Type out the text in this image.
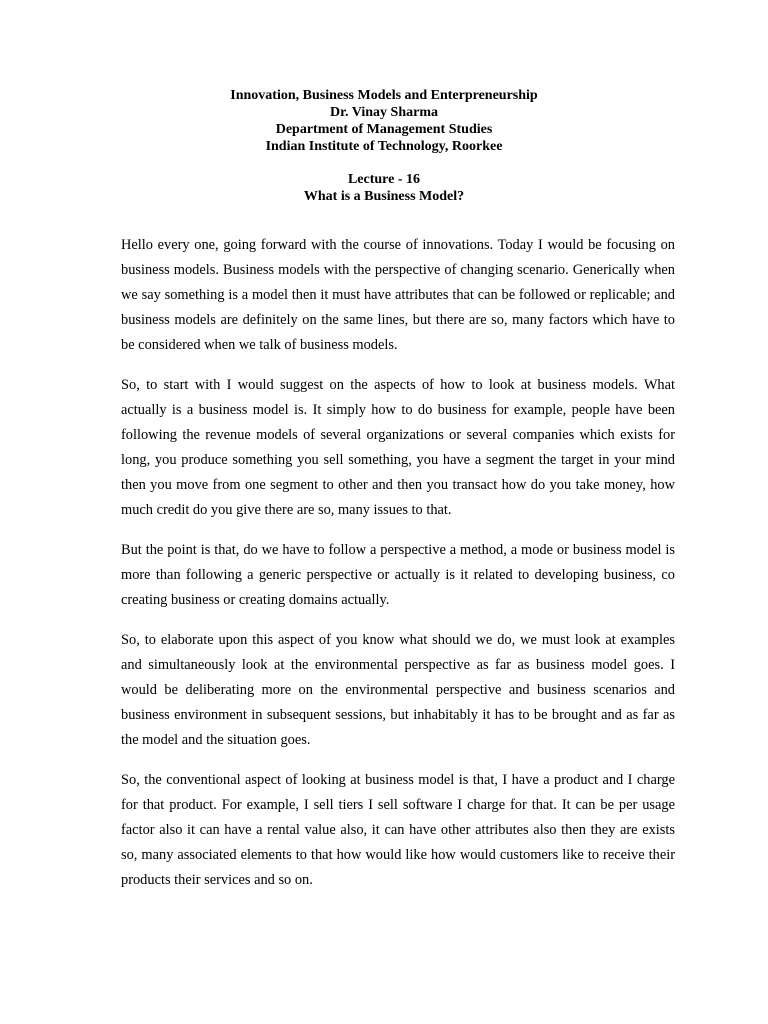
Innovation, Business Models and Enterpreneurship
Dr. Vinay Sharma
Department of Management Studies
Indian Institute of Technology, Roorkee
Lecture - 16
What is a Business Model?

Hello every one, going forward with the course of innovations. Today I would be focusing on business models. Business models with the perspective of changing scenario. Generically when we say something is a model then it must have attributes that can be followed or replicable; and business models are definitely on the same lines, but there are so, many factors which have to be considered when we talk of business models.

So, to start with I would suggest on the aspects of how to look at business models. What actually is a business model is. It simply how to do business for example, people have been following the revenue models of several organizations or several companies which exists for long, you produce something you sell something, you have a segment the target in your mind then you move from one segment to other and then you transact how do you take money, how much credit do you give there are so, many issues to that.

But the point is that, do we have to follow a perspective a method, a mode or business model is more than following a generic perspective or actually is it related to developing business, co creating business or creating domains actually.

So, to elaborate upon this aspect of you know what should we do, we must look at examples and simultaneously look at the environmental perspective as far as business model goes. I would be deliberating more on the environmental perspective and business scenarios and business environment in subsequent sessions, but inhabitably it has to be brought and as far as the model and the situation goes.

So, the conventional aspect of looking at business model is that, I have a product and I charge for that product. For example, I sell tiers I sell software I charge for that. It can be per usage factor also it can have a rental value also, it can have other attributes also then they are exists so, many associated elements to that how would like how would customers like to receive their products their services and so on.
